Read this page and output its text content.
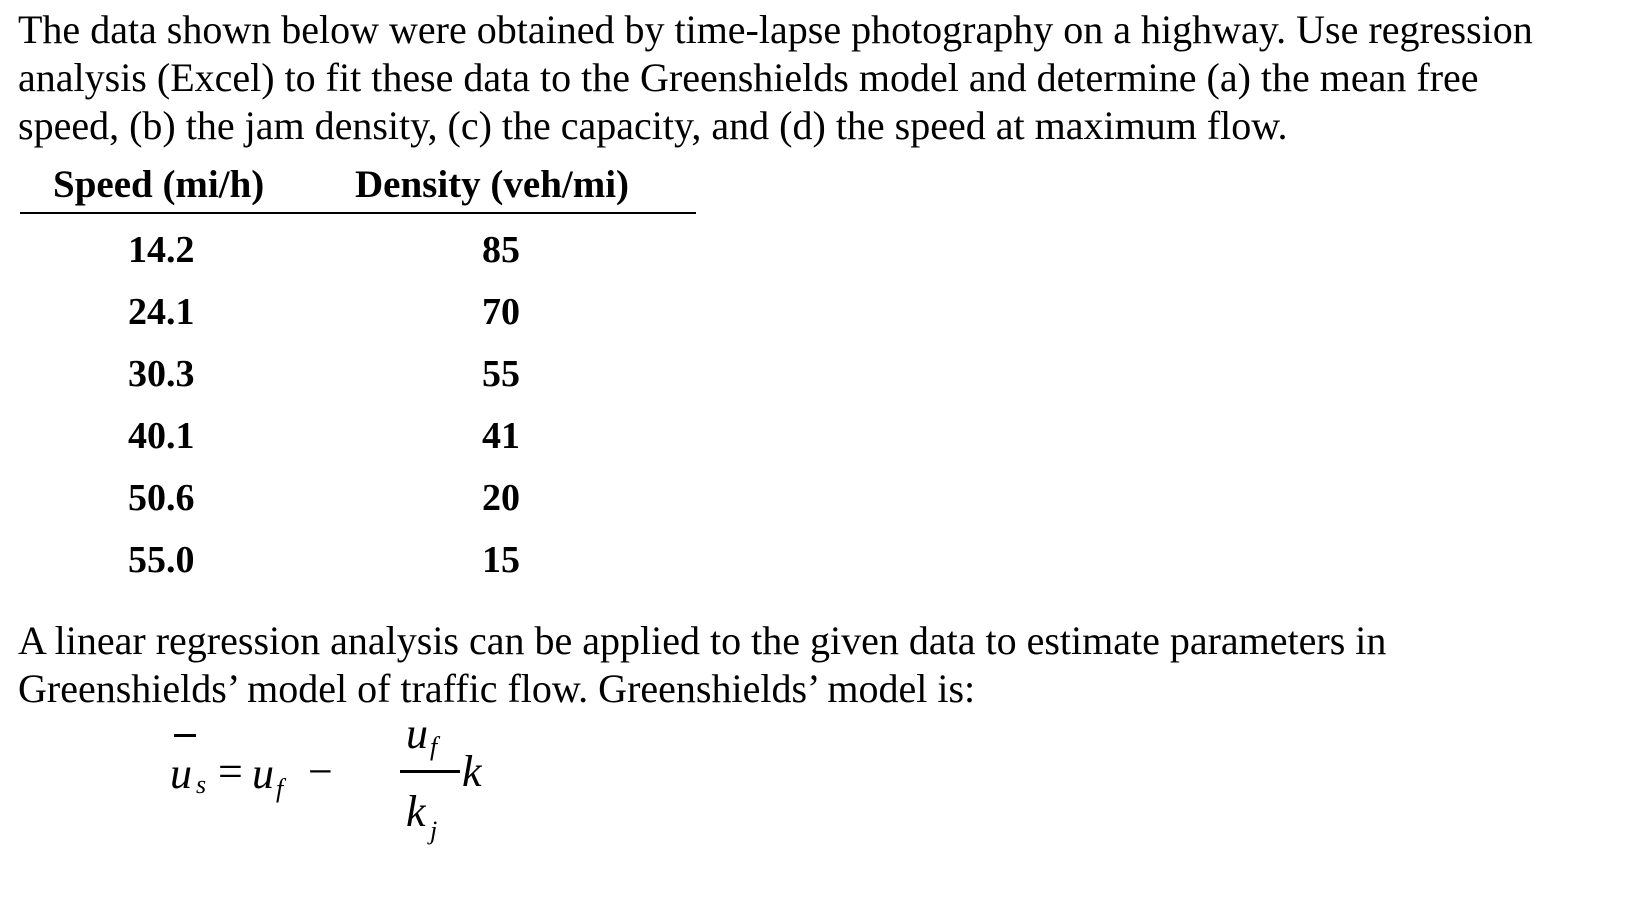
The data shown below were obtained by time-lapse photography on a highway. Use regression
analysis (Excel) to fit these data to the Greenshields model and determine (a) the mean free
speed, (b) the jam density, (c) the capacity, and (d) the speed at maximum flow.

Speed (mi/h) Density (veh/mi)
14.2	85
24.1	70
30.3	55
40.1	41
50.6	20
55.0	15

A linear regression analysis can be applied to the given data to estimate parameters in
Greenshields’ model of traffic flow. Greenshields’ model is:

u s = u f −
u f
k
k j
